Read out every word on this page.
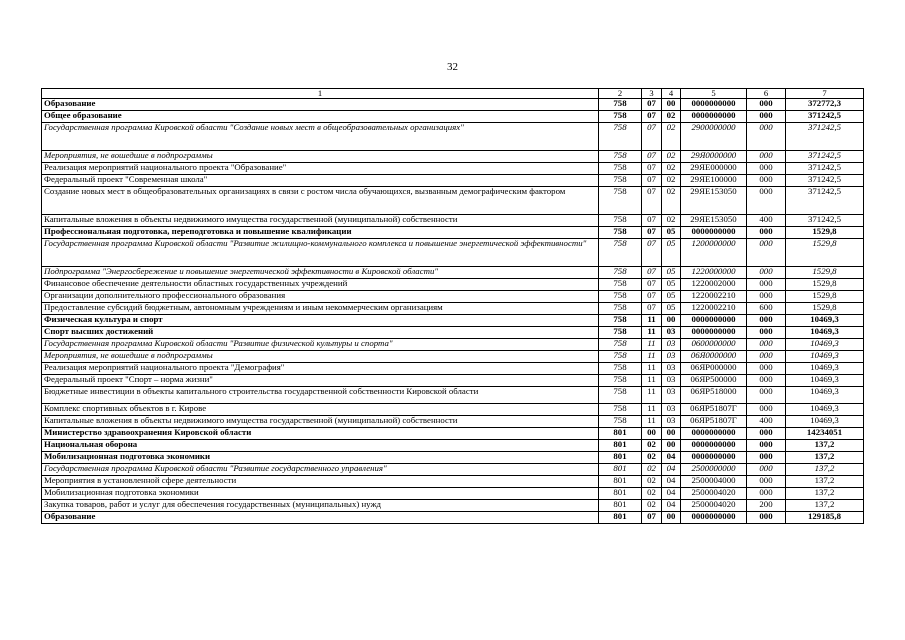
32
1	2	3	4	5	6	7
Образование	758	07	00	0000000000	000	372772,3
Общее образование	758	07	02	0000000000	000	371242,5
Государственная программа Кировской области "Создание новых мест в общеобразовательных организациях"	758	07	02	2900000000	000	371242,5
Мероприятия, не вошедшие в подпрограммы	758	07	02	29Я0000000	000	371242,5
Реализация мероприятий национального проекта "Образование"	758	07	02	29ЯЕ000000	000	371242,5
Федеральный проект "Современная школа"	758	07	02	29ЯЕ100000	000	371242,5
Создание новых мест в общеобразовательных организациях в связи с ростом числа обучающихся, вызванным демографическим фактором	758	07	02	29ЯЕ153050	000	371242,5
Капитальные вложения в объекты недвижимого имущества государственной (муниципальной) собственности	758	07	02	29ЯЕ153050	400	371242,5
Профессиональная подготовка, переподготовка и повышение квалификации	758	07	05	0000000000	000	1529,8
Государственная программа Кировской области "Развитие жилищно-коммунального комплекса и повышение энергетической эффективности"	758	07	05	1200000000	000	1529,8
Подпрограмма "Энергосбережение и повышение энергетической эффективности в Кировской области"	758	07	05	1220000000	000	1529,8
Финансовое обеспечение деятельности областных государственных учреждений	758	07	05	1220002000	000	1529,8
Организации дополнительного профессионального образования	758	07	05	1220002210	000	1529,8
Предоставление субсидий бюджетным, автономным учреждениям и иным некоммерческим организациям	758	07	05	1220002210	600	1529,8
Физическая культура и спорт	758	11	00	0000000000	000	10469,3
Спорт высших достижений	758	11	03	0000000000	000	10469,3
Государственная программа Кировской области "Развитие физической культуры и спорта"	758	11	03	0600000000	000	10469,3
Мероприятия, не вошедшие в подпрограммы	758	11	03	06Я0000000	000	10469,3
Реализация мероприятий национального проекта "Демография"	758	11	03	06ЯР000000	000	10469,3
Федеральный проект "Спорт – норма жизни"	758	11	03	06ЯР500000	000	10469,3
Бюджетные инвестиции в объекты капитального строительства государственной собственности Кировской области	758	11	03	06ЯР518000	000	10469,3
Комплекс спортивных объектов в г. Кирове	758	11	03	06ЯР51807Г	000	10469,3
Капитальные вложения в объекты недвижимого имущества государственной (муниципальной) собственности	758	11	03	06ЯР51807Г	400	10469,3
Министерство здравоохранения Кировской области	801	00	00	0000000000	000	14234051
Национальная оборона	801	02	00	0000000000	000	137,2
Мобилизационная подготовка экономики	801	02	04	0000000000	000	137,2
Государственная программа Кировской области "Развитие государственного управления"	801	02	04	2500000000	000	137,2
Мероприятия в установленной сфере деятельности	801	02	04	2500004000	000	137,2
Мобилизационная подготовка экономики	801	02	04	2500004020	000	137,2
Закупка товаров, работ и услуг для обеспечения государственных (муниципальных) нужд	801	02	04	2500004020	200	137,2
Образование	801	07	00	0000000000	000	129185,8
